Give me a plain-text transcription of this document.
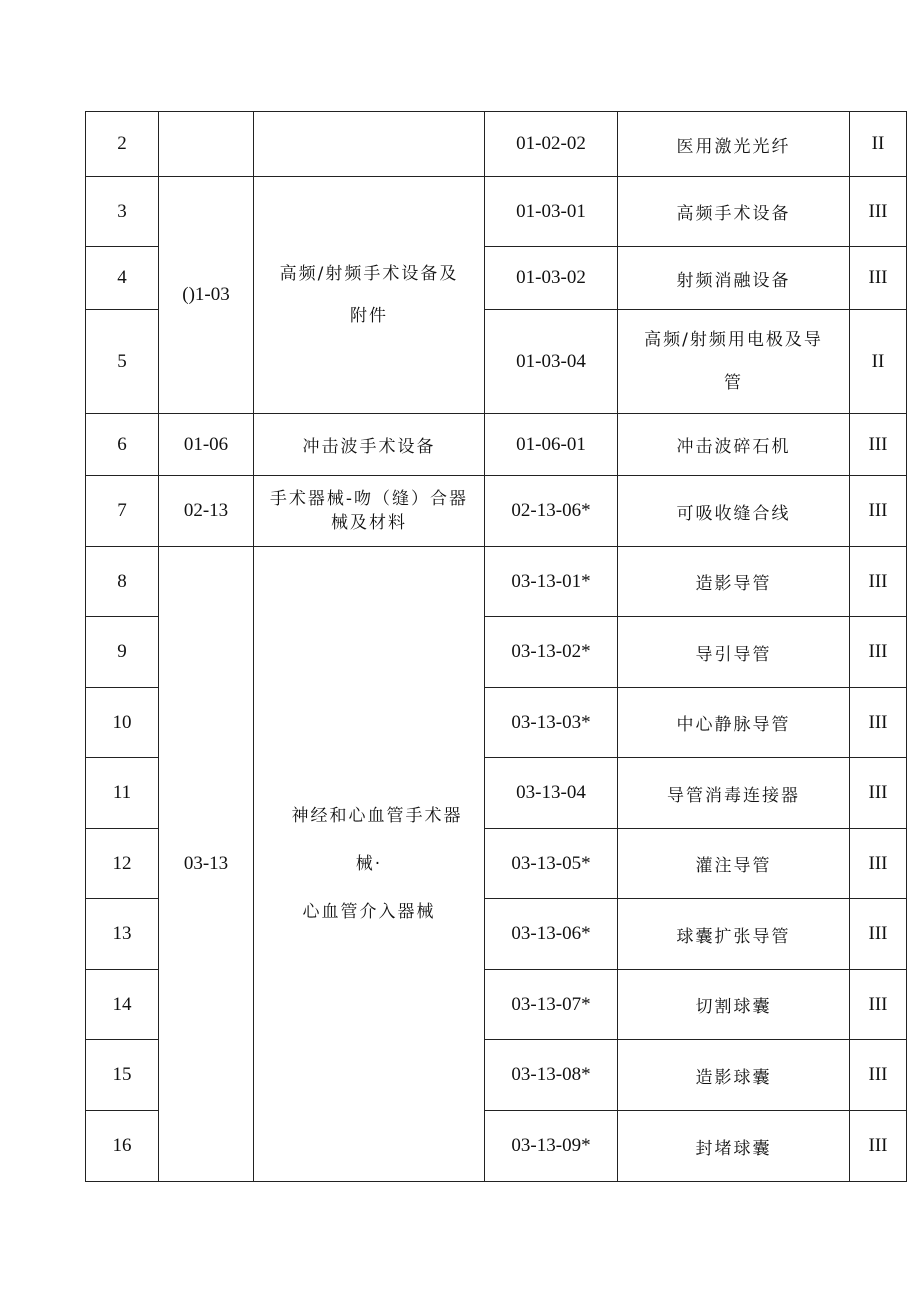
2			01-02-02	医用激光光纤	II
3	()1-03	高频/射频手术设备及
附件	01-03-01	高频手术设备	III
4			01-03-02	射频消融设备	III
5			01-03-04	高频/射频用电极及导
管	II
6	01-06	冲击波手术设备	01-06-01	冲击波碎石机	III
7	02-13	手术器械-吻（缝）合器
械及材料	02-13-06*	可吸收缝合线	III
8	03-13	神经和心血管手术器
械·
心血管介入器械	03-13-01*	造影导管	III
9			03-13-02*	导引导管	III
10			03-13-03*	中心静脉导管	III
11			03-13-04	导管消毒连接器	III
12			03-13-05*	灌注导管	III
13			03-13-06*	球囊扩张导管	III
14			03-13-07*	切割球囊	III
15			03-13-08*	造影球囊	III
16			03-13-09*	封堵球囊	III
